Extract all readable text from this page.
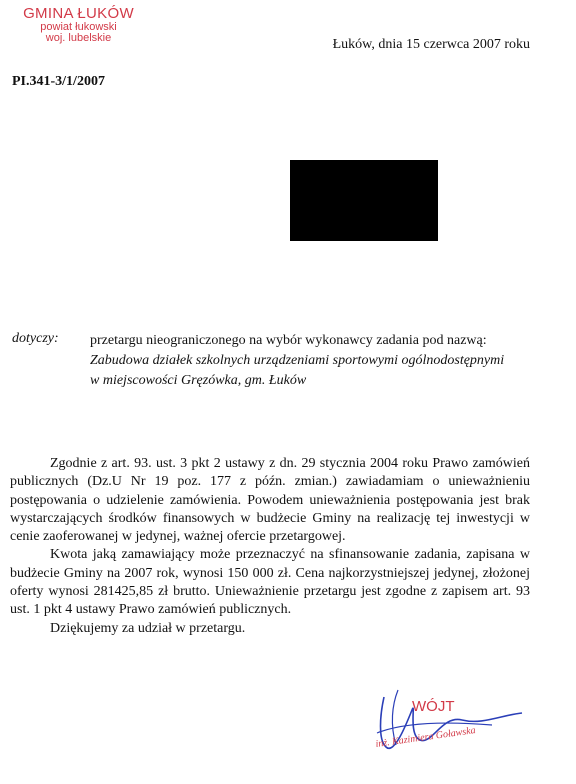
GMINA ŁUKÓW
powiat łukowski
woj. lubelskie	Łuków, dnia 15 czerwca 2007 roku
PI.341-3/1/2007
dotyczy: przetargu nieograniczonego na wybór wykonawcy zadania pod nazwą: Zabudowa działek szkolnych urządzeniami sportowymi ogólnodostępnymi w miejscowości Gręzówka, gm. Łuków

Zgodnie z art. 93. ust. 3 pkt 2 ustawy z dn. 29 stycznia 2004 roku Prawo zamówień publicznych (Dz.U Nr 19 poz. 177 z późn. zmian.) zawiadamiam o unieważnieniu postępowania o udzielenie zamówienia. Powodem unieważnienia postępowania jest brak wystarczających środków finansowych w budżecie Gminy na realizację tej inwestycji w cenie zaoferowanej w jedynej, ważnej ofercie przetargowej.

Kwota jaką zamawiający może przeznaczyć na sfinansowanie zadania, zapisana w budżecie Gminy na 2007 rok, wynosi 150 000 zł. Cena najkorzystniejszej jedynej, złożonej oferty wynosi 281425,85 zł brutto. Unieważnienie przetargu jest zgodne z zapisem art. 93 ust. 1 pkt 4 ustawy Prawo zamówień publicznych.

Dziękujemy za udział w przetargu.

WÓJT
inż. Kazimiera Goławska
